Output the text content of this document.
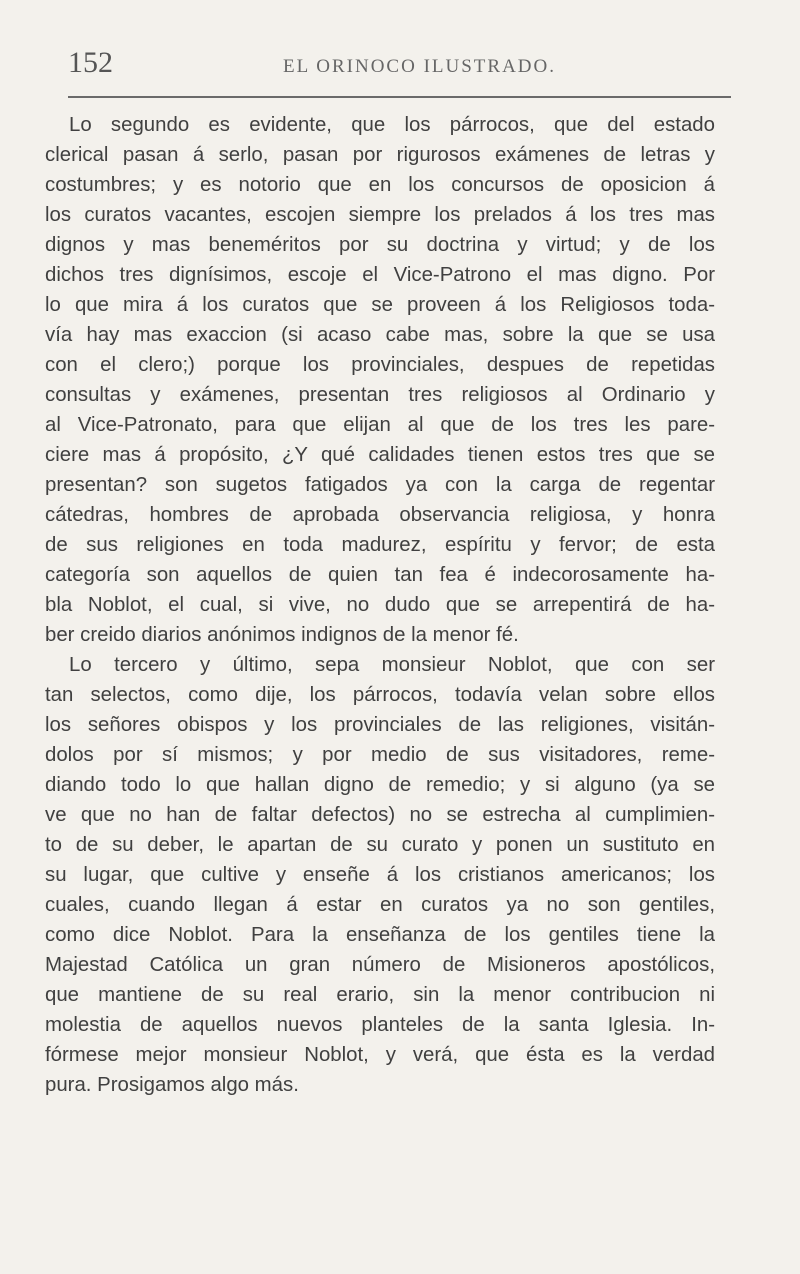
152	EL ORINOCO ILUSTRADO.
Lo segundo es evidente, que los párrocos, que del estado
clerical pasan á serlo, pasan por rigurosos exámenes de letras y
costumbres; y es notorio que en los concursos de oposicion á
los curatos vacantes, escojen siempre los prelados á los tres mas
dignos y mas beneméritos por su doctrina y virtud; y de los
dichos tres dignísimos, escoje el Vice-Patrono el mas digno. Por
lo que mira á los curatos que se proveen á los Religiosos toda-
vía hay mas exaccion (si acaso cabe mas, sobre la que se usa
con el clero;) porque los provinciales, despues de repetidas
consultas y exámenes, presentan tres religiosos al Ordinario y
al Vice-Patronato, para que elijan al que de los tres les pare-
ciere mas á propósito, ¿Y qué calidades tienen estos tres que se
presentan? son sugetos fatigados ya con la carga de regentar
cátedras, hombres de aprobada observancia religiosa, y honra
de sus religiones en toda madurez, espíritu y fervor; de esta
categoría son aquellos de quien tan fea é indecorosamente ha-
bla Noblot, el cual, si vive, no dudo que se arrepentirá de ha-
ber creido diarios anónimos indignos de la menor fé.
Lo tercero y último, sepa monsieur Noblot, que con ser
tan selectos, como dije, los párrocos, todavía velan sobre ellos
los señores obispos y los provinciales de las religiones, visitán-
dolos por sí mismos; y por medio de sus visitadores, reme-
diando todo lo que hallan digno de remedio; y si alguno (ya se
ve que no han de faltar defectos) no se estrecha al cumplimien-
to de su deber, le apartan de su curato y ponen un sustituto en
su lugar, que cultive y enseñe á los cristianos americanos; los
cuales, cuando llegan á estar en curatos ya no son gentiles,
como dice Noblot. Para la enseñanza de los gentiles tiene la
Majestad Católica un gran número de Misioneros apostólicos,
que mantiene de su real erario, sin la menor contribucion ni
molestia de aquellos nuevos planteles de la santa Iglesia. In-
fórmese mejor monsieur Noblot, y verá, que ésta es la verdad
pura. Prosigamos algo más.
